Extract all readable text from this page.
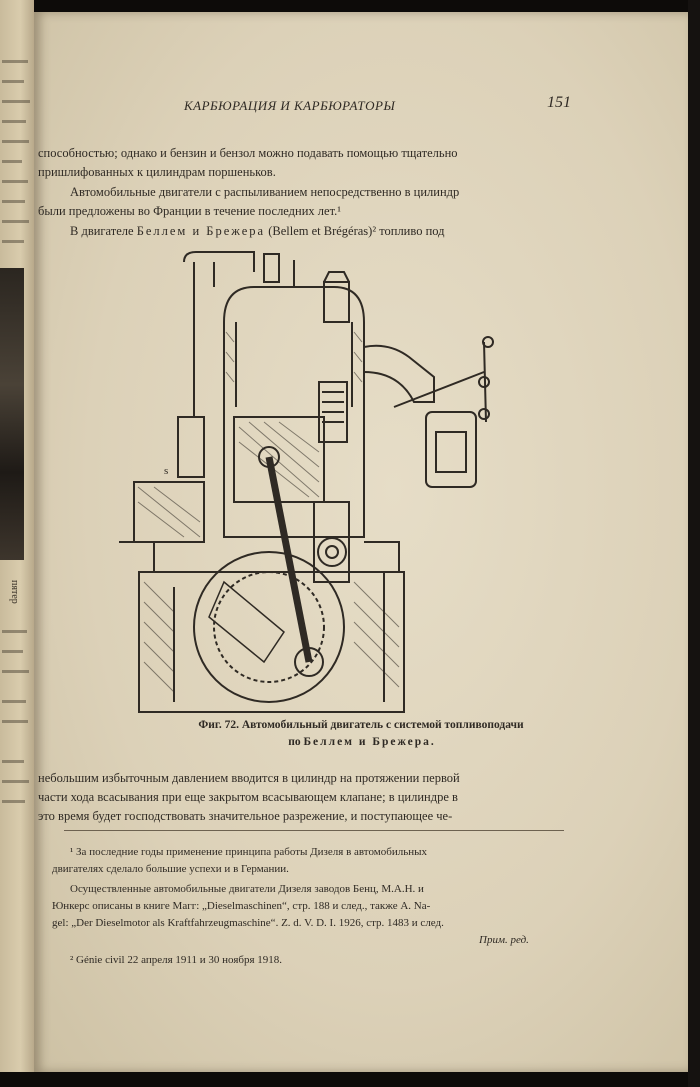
пятер
КАРБЮРАЦИЯ И КАРБЮРАТОРЫ	151
способностью; однако и бензин и бензол можно подавать помощью тщательно
пришлифованных к цилиндрам поршеньков.
Автомобильные двигатели с распыливанием непосредственно в цилиндр
были предложены во Франции в течение последних лет.¹
В двигателе Беллем и Брежера (Bellem et Brégéras)² топливо под
s
Фиг. 72. Автомобильный двигатель с системой топливоподачи
по Беллем и Брежера.
небольшим избыточным давлением вводится в цилиндр на протяжении первой
части хода всасывания при еще закрытом всасывающем клапане; в цилиндре в
это время будет господствовать значительное разрежение, и поступающее че-
¹ За последние годы применение принципа работы Дизеля в автомобильных
двигателях сделало большие успехи и в Германии.
Осуществленные автомобильные двигатели Дизеля заводов Бенц, М.А.Н. и
Юнкерс описаны в книге Магг: „Dieselmaschinen“, стр. 188 и след., также A. Nа-
gel: „Der Dieselmotor als Kraftfahrzeugmaschine“. Z. d. V. D. I. 1926, стр. 1483 и след.
Прим. ред.
² Génie civil 22 апреля 1911 и 30 ноября 1918.
